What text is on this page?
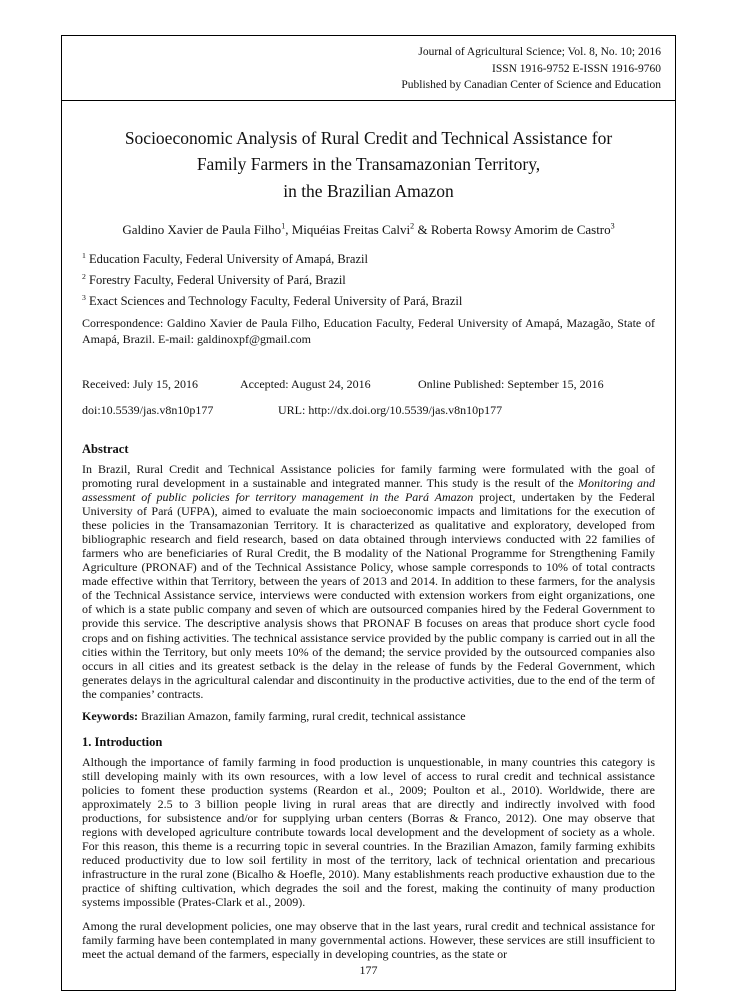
Journal of Agricultural Science; Vol. 8, No. 10; 2016
ISSN 1916-9752 E-ISSN 1916-9760
Published by Canadian Center of Science and Education
Socioeconomic Analysis of Rural Credit and Technical Assistance for
Family Farmers in the Transamazonian Territory,
in the Brazilian Amazon

Galdino Xavier de Paula Filho$^1$, Miquéias Freitas Calvi$^2$ & Roberta Rowsy Amorim de Castro$^3$

$^1$ Education Faculty, Federal University of Amapá, Brazil

$^2$ Forestry Faculty, Federal University of Pará, Brazil

$^3$ Exact Sciences and Technology Faculty, Federal University of Pará, Brazil

Correspondence: Galdino Xavier de Paula Filho, Education Faculty, Federal University of Amapá, Mazagão, State of Amapá, Brazil. E-mail: galdinoxpf@gmail.com

Received: July 15, 2016	Accepted: August 24, 2016	Online Published: September 15, 2016
doi:10.5539/jas.v8n10p177	URL: http://dx.doi.org/10.5539/jas.v8n10p177
Abstract

In Brazil, Rural Credit and Technical Assistance policies for family farming were formulated with the goal of promoting rural development in a sustainable and integrated manner. This study is the result of the Monitoring and assessment of public policies for territory management in the Pará Amazon project, undertaken by the Federal University of Pará (UFPA), aimed to evaluate the main socioeconomic impacts and limitations for the execution of these policies in the Transamazonian Territory. It is characterized as qualitative and exploratory, developed from bibliographic research and field research, based on data obtained through interviews conducted with 22 families of farmers who are beneficiaries of Rural Credit, the B modality of the National Programme for Strengthening Family Agriculture (PRONAF) and of the Technical Assistance Policy, whose sample corresponds to 10% of total contracts made effective within that Territory, between the years of 2013 and 2014. In addition to these farmers, for the analysis of the Technical Assistance service, interviews were conducted with extension workers from eight organizations, one of which is a state public company and seven of which are outsourced companies hired by the Federal Government to provide this service. The descriptive analysis shows that PRONAF B focuses on areas that produce short cycle food crops and on fishing activities. The technical assistance service provided by the public company is carried out in all the cities within the Territory, but only meets 10% of the demand; the service provided by the outsourced companies also occurs in all cities and its greatest setback is the delay in the release of funds by the Federal Government, which generates delays in the agricultural calendar and discontinuity in the productive activities, due to the end of the term of the companies’ contracts.

Keywords: Brazilian Amazon, family farming, rural credit, technical assistance

1. Introduction

Although the importance of family farming in food production is unquestionable, in many countries this category is still developing mainly with its own resources, with a low level of access to rural credit and technical assistance policies to foment these production systems (Reardon et al., 2009; Poulton et al., 2010). Worldwide, there are approximately 2.5 to 3 billion people living in rural areas that are directly and indirectly involved with food productions, for subsistence and/or for supplying urban centers (Borras & Franco, 2012). One may observe that regions with developed agriculture contribute towards local development and the development of society as a whole. For this reason, this theme is a recurring topic in several countries. In the Brazilian Amazon, family farming exhibits reduced productivity due to low soil fertility in most of the territory, lack of technical orientation and precarious infrastructure in the rural zone (Bicalho & Hoefle, 2010). Many establishments reach productive exhaustion due to the practice of shifting cultivation, which degrades the soil and the forest, making the continuity of many production systems impossible (Prates-Clark et al., 2009).

Among the rural development policies, one may observe that in the last years, rural credit and technical assistance for family farming have been contemplated in many governmental actions. However, these services are still insufficient to meet the actual demand of the farmers, especially in developing countries, as the state or

177
